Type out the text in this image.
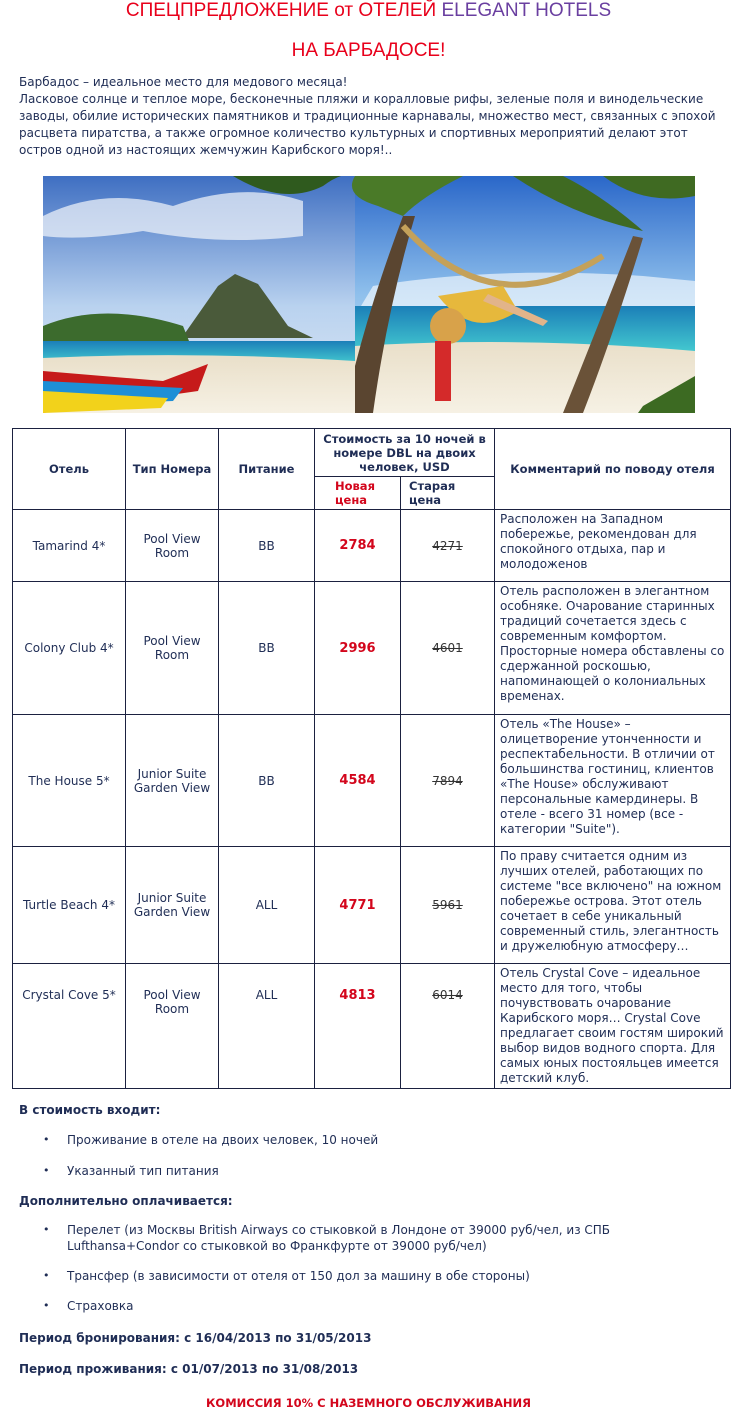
СПЕЦПРЕДЛОЖЕНИЕ от ОТЕЛЕЙ ELEGANT HOTELS
НА БАРБАДОСЕ!
Барбадос – идеальное место для медового месяца!
Ласковое солнце и теплое море, бесконечные пляжи и коралловые рифы, зеленые поля и винодельческие заводы, обилие исторических памятников и традиционные карнавалы, множество мест, связанных с эпохой расцвета пиратства, а также огромное количество культурных и спортивных мероприятий делают этот остров одной из настоящих жемчужин Карибского моря!..
Отель	Тип Номера	Питание	Стоимость за 10 ночей в номере DBL на двоих человек, USD		Комментарий по поводу отеля
			Новая цена	Старая цена	
Tamarind 4*	Pool View Room	BB	2784	4271	Расположен на Западном побережье, рекомендован для спокойного отдыха, пар и молодоженов
Colony Club 4*	Pool View Room	BB	2996	4601	Отель расположен в элегантном особняке. Очарование старинных традиций сочетается здесь с современным комфортом. Просторные номера обставлены со сдержанной роскошью, напоминающей о колониальных временах.
The House 5*	Junior Suite Garden View	BB	4584	7894	Отель «The House» – олицетворение утонченности и респектабельности. В отличии от большинства гостиниц, клиентов «The House» обслуживают персональные камердинеры. В отеле - всего 31 номер (все - категории "Suite").
Turtle Beach 4*	Junior Suite Garden View	ALL	4771	5961	По праву считается одним из лучших отелей, работающих по системе "все включено" на южном побережье острова. Этот отель сочетает в себе уникальный современный стиль, элегантность и дружелюбную атмосферу…
Crystal Cove 5*	Pool View Room	ALL	4813	6014	Отель Crystal Cove – идеальное место для того, чтобы почувствовать очарование Карибского моря… Crystal Cove предлагает своим гостям широкий выбор видов водного спорта. Для самых юных постояльцев имеется детский клуб.
В стоимость входит:
• Проживание в отеле на двоих человек, 10 ночей
• Указанный тип питания
Дополнительно оплачивается:
• Перелет (из Москвы British Airways со стыковкой в Лондоне от 39000 руб/чел, из СПБ Lufthansa+Condor со стыковкой во Франкфурте от 39000 руб/чел)
• Трансфер (в зависимости от отеля от 150 дол за машину в обе стороны)
• Страховка
Период бронирования: с 16/04/2013 по 31/05/2013
Период проживания: с 01/07/2013 по 31/08/2013
КОМИССИЯ 10% С НАЗЕМНОГО ОБСЛУЖИВАНИЯ
